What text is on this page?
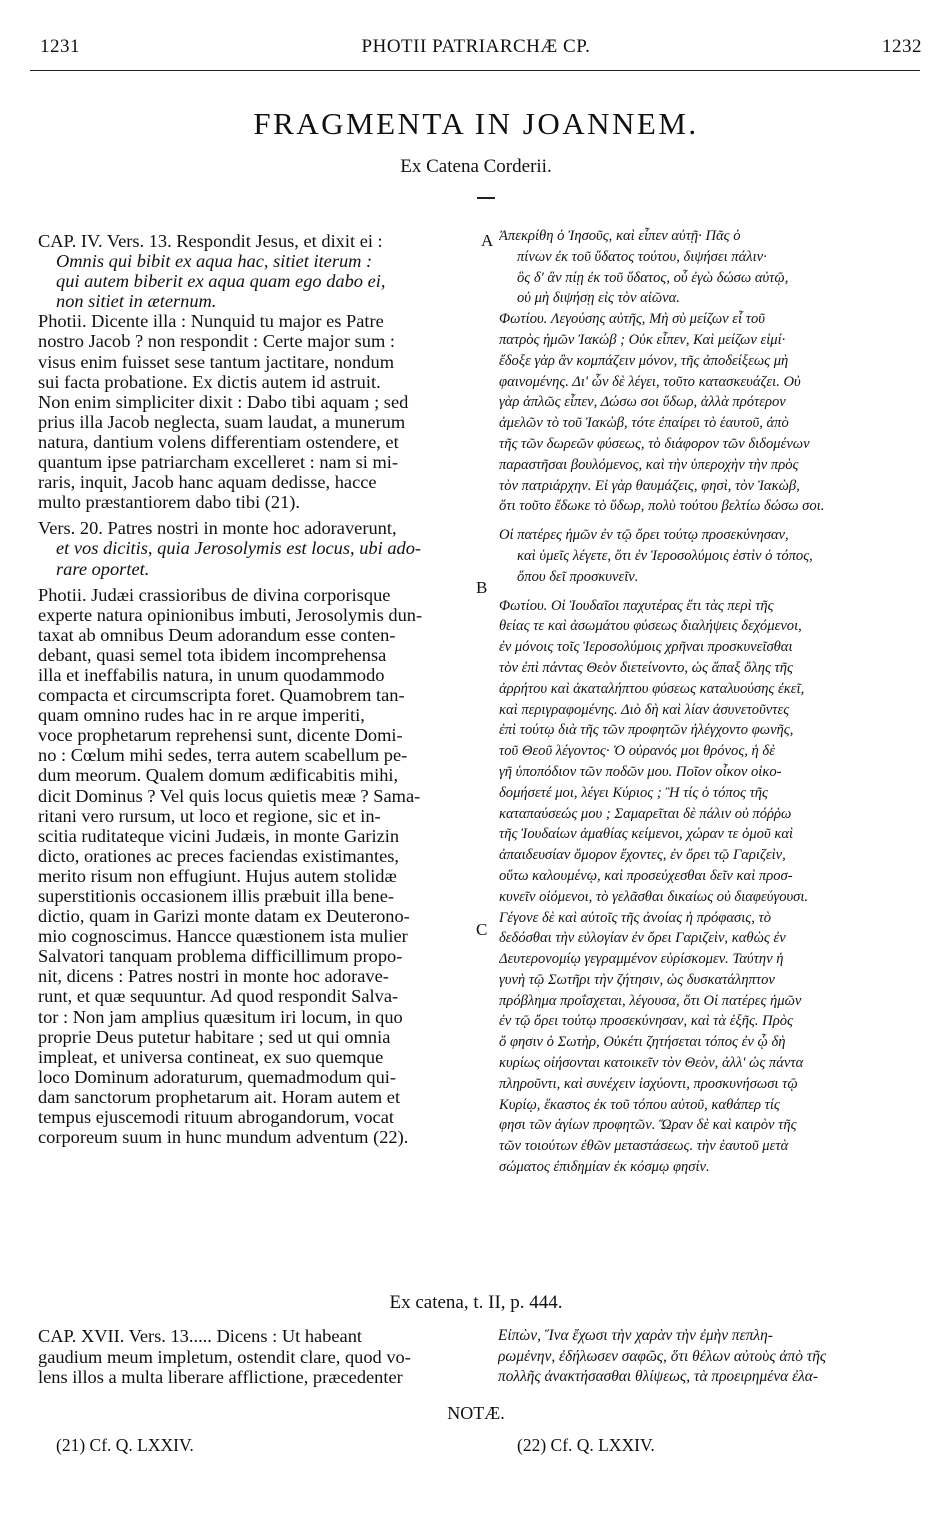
1231	PHOTII PATRIARCHÆ CP.	1232
FRAGMENTA IN JOANNEM.
Ex Catena Corderii.
CAP. IV. Vers. 13. Respondit Jesus, et dixit ei :
Omnis qui bibit ex aqua hac, sitiet iterum :
qui autem biberit ex aqua quam ego dabo ei,
non sitiet in æternum.
Photii. Dicente illa : Nunquid tu major es Patre
nostro Jacob ? non respondit : Certe major sum :
visus enim fuisset sese tantum jactitare, nondum
sui facta probatione. Ex dictis autem id astruit.
Non enim simpliciter dixit : Dabo tibi aquam ; sed
prius illa Jacob neglecta, suam laudat, a munerum
natura, dantium volens differentiam ostendere, et
quantum ipse patriarcham excelleret : nam si mi-
raris, inquit, Jacob hanc aquam dedisse, hacce
multo præstantiorem dabo tibi (21).
Vers. 20. Patres nostri in monte hoc adoraverunt,
et vos dicitis, quia Jerosolymis est locus, ubi ado-
rare oportet.
Photii. Judæi crassioribus de divina corporisque
experte natura opinionibus imbuti, Jerosolymis dun-
taxat ab omnibus Deum adorandum esse conten-
debant, quasi semel tota ibidem incomprehensa
illa et ineffabilis natura, in unum quodammodo
compacta et circumscripta foret. Quamobrem tan-
quam omnino rudes hac in re arque imperiti,
voce prophetarum reprehensi sunt, dicente Domi-
no : Cœlum mihi sedes, terra autem scabellum pe-
dum meorum. Qualem domum ædificabitis mihi,
dicit Dominus ? Vel quis locus quietis meæ ? Sama-
ritani vero rursum, ut loco et regione, sic et in-
scitia ruditateque vicini Judæis, in monte Garizin
dicto, orationes ac preces faciendas existimantes,
merito risum non effugiunt. Hujus autem stolidæ
superstitionis occasionem illis præbuit illa bene-
dictio, quam in Garizi monte datam ex Deuterono-
mio cognoscimus. Hancce quæstionem ista mulier
Salvatori tanquam problema difficillimum propo-
nit, dicens : Patres nostri in monte hoc adorave-
runt, et quæ sequuntur. Ad quod respondit Salva-
tor : Non jam amplius quæsitum iri locum, in quo
proprie Deus putetur habitare ; sed ut qui omnia
impleat, et universa contineat, ex suo quemque
loco Dominum adoraturum, quemadmodum qui-
dam sanctorum prophetarum ait. Horam autem et
tempus ejuscemodi rituum abrogandorum, vocat
corporeum suum in hunc mundum adventum (22).
Ἀπεκρίθη ὁ Ἰησοῦς, καὶ εἶπεν αὐτῇ· Πᾶς ὁ
πίνων ἐκ τοῦ ὕδατος τούτου, διψήσει πάλιν·
ὃς δ' ἂν πίῃ ἐκ τοῦ ὕδατος, οὗ ἐγὼ δώσω αὐτῷ,
οὐ μὴ διψήσῃ εἰς τὸν αἰῶνα.
Φωτίου. Λεγούσης αὐτῆς, Μὴ σὺ μείζων εἶ τοῦ
πατρὸς ἡμῶν Ἰακώβ ; Οὐκ εἶπεν, Καὶ μείζων εἰμί·
ἔδοξε γὰρ ἂν κομπάζειν μόνον, τῆς ἀποδείξεως μὴ
φαινομένης. Δι' ὧν δὲ λέγει, τοῦτο κατασκευάζει. Οὐ
γὰρ ἁπλῶς εἶπεν, Δώσω σοι ὕδωρ, ἀλλὰ πρότερον
ἀμελῶν τὸ τοῦ Ἰακὼβ, τότε ἐπαίρει τὸ ἑαυτοῦ, ἀπὸ
τῆς τῶν δωρεῶν φύσεως, τὸ διάφορον τῶν διδομένων
παραστῆσαι βουλόμενος, καὶ τὴν ὑπεροχὴν τὴν πρὸς
τὸν πατριάρχην. Εἰ γὰρ θαυμάζεις, φησὶ, τὸν Ἰακὼβ,
ὅτι τοῦτο ἔδωκε τὸ ὕδωρ, πολὺ τούτου βελτίω δώσω σοι.
Οἱ πατέρες ἡμῶν ἐν τῷ ὄρει τούτῳ προσεκύνησαν,
καὶ ὑμεῖς λέγετε, ὅτι ἐν Ἱεροσολύμοις ἐστὶν ὁ τόπος,
ὅπου δεῖ προσκυνεῖν.
Φωτίου. Οἱ Ἰουδαῖοι παχυτέρας ἔτι τὰς περὶ τῆς
θείας τε καὶ ἀσωμάτου φύσεως διαλήψεις δεχόμενοι,
ἐν μόνοις τοῖς Ἱεροσολύμοις χρῆναι προσκυνεῖσθαι
τὸν ἐπὶ πάντας Θεὸν διετείνοντο, ὡς ἅπαξ ὅλης τῆς
ἀρρήτου καὶ ἀκαταλήπτου φύσεως καταλυούσης ἐκεῖ,
καὶ περιγραφομένης. Διὸ δὴ καὶ λίαν ἀσυνετοῦντες
ἐπὶ τούτῳ διὰ τῆς τῶν προφητῶν ἠλέγχοντο φωνῆς,
τοῦ Θεοῦ λέγοντος· Ὁ οὐρανός μοι θρόνος, ἡ δὲ
γῆ ὑποπόδιον τῶν ποδῶν μου. Ποῖον οἶκον οἰκο-
δομήσετέ μοι, λέγει Κύριος ; Ἢ τίς ὁ τόπος τῆς
καταπαύσεώς μου ; Σαμαρεῖται δὲ πάλιν οὐ πόῤῥω
τῆς Ἰουδαίων ἀμαθίας κείμενοι, χώραν τε ὁμοῦ καὶ
ἀπαιδευσίαν ὅμορον ἔχοντες, ἐν ὄρει τῷ Γαριζεὶν,
οὕτω καλουμένῳ, καὶ προσεύχεσθαι δεῖν καὶ προσ-
κυνεῖν οἰόμενοι, τὸ γελᾶσθαι δικαίως οὐ διαφεύγουσι.
Γέγονε δὲ καὶ αὐτοῖς τῆς ἀνοίας ἡ πρόφασις, τὸ
δεδόσθαι τὴν εὐλογίαν ἐν ὄρει Γαριζεὶν, καθὼς ἐν
Δευτερονομίῳ γεγραμμένον εὑρίσκομεν. Ταύτην ἡ
γυνὴ τῷ Σωτῆρι τὴν ζήτησιν, ὡς δυσκατάληπτον
πρόβλημα προΐσχεται, λέγουσα, ὅτι Οἱ πατέρες ἡμῶν
ἐν τῷ ὄρει τούτῳ προσεκύνησαν, καὶ τὰ ἑξῆς. Πρὸς
ὅ φησιν ὁ Σωτὴρ, Οὐκέτι ζητήσεται τόπος ἐν ᾧ δὴ
κυρίως οἰήσονται κατοικεῖν τὸν Θεὸν, ἀλλ' ὡς πάντα
πληροῦντι, καὶ συνέχειν ἰσχύοντι, προσκυνήσωσι τῷ
Κυρίῳ, ἕκαστος ἐκ τοῦ τόπου αὐτοῦ, καθάπερ τίς
φησι τῶν ἁγίων προφητῶν. Ὥραν δὲ καὶ καιρὸν τῆς
τῶν τοιούτων ἐθῶν μεταστάσεως. τὴν ἑαυτοῦ μετὰ
σώματος ἐπιδημίαν ἐκ κόσμῳ φησίν.
A
B
C
Ex catena, t. II, p. 444.
CAP. XVII. Vers. 13..... Dicens : Ut habeant
gaudium meum impletum, ostendit clare, quod vo-
lens illos a multa liberare afflictione, præcedenter
Εἰπὼν, Ἵνα ἔχωσι τὴν χαρὰν τὴν ἐμὴν πεπλη-
ρωμένην, ἐδήλωσεν σαφῶς, ὅτι θέλων αὐτοὺς ἀπὸ τῆς
πολλῆς ἀνακτήσασθαι θλίψεως, τὰ προειρημένα ἐλα-
NOTÆ.
(21) Cf. Q. LXXIV.	(22) Cf. Q. LXXIV.
